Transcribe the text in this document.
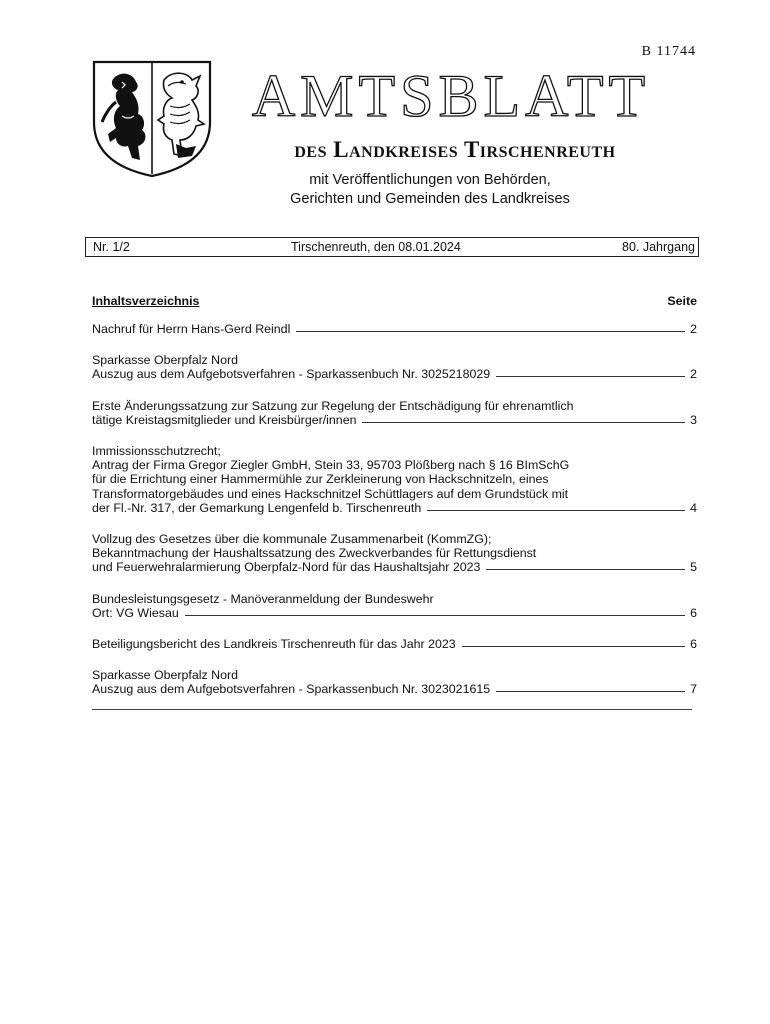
B 11744
AMTSBLATT
des Landkreises Tirschenreuth
mit Veröffentlichungen von Behörden,
Gerichten und Gemeinden des Landkreises
Nr. 1/2	Tirschenreuth, den 08.01.2024	80. Jahrgang
Inhaltsverzeichnis	Seite
Nachruf für Herrn Hans-Gerd Reindl	2
Sparkasse Oberpfalz Nord
Auszug aus dem Aufgebotsverfahren - Sparkassenbuch Nr. 3025218029	2
Erste Änderungssatzung zur Satzung zur Regelung der Entschädigung für ehrenamtlich
tätige Kreistagsmitglieder und Kreisbürger/innen	3
Immissionsschutzrecht;
Antrag der Firma Gregor Ziegler GmbH, Stein 33, 95703 Plößberg nach § 16 BImSchG
für die Errichtung einer Hammermühle zur Zerkleinerung von Hackschnitzeln, eines
Transformatorgebäudes und eines Hackschnitzel Schüttlagers auf dem Grundstück mit
der Fl.-Nr. 317, der Gemarkung Lengenfeld b. Tirschenreuth	4
Vollzug des Gesetzes über die kommunale Zusammenarbeit (KommZG);
Bekanntmachung der Haushaltssatzung des Zweckverbandes für Rettungsdienst
und Feuerwehralarmierung Oberpfalz-Nord für das Haushaltsjahr 2023	5
Bundesleistungsgesetz - Manöveranmeldung der Bundeswehr
Ort: VG Wiesau	6
Beteiligungsbericht des Landkreis Tirschenreuth für das Jahr 2023	6
Sparkasse Oberpfalz Nord
Auszug aus dem Aufgebotsverfahren - Sparkassenbuch Nr. 3023021615	7
